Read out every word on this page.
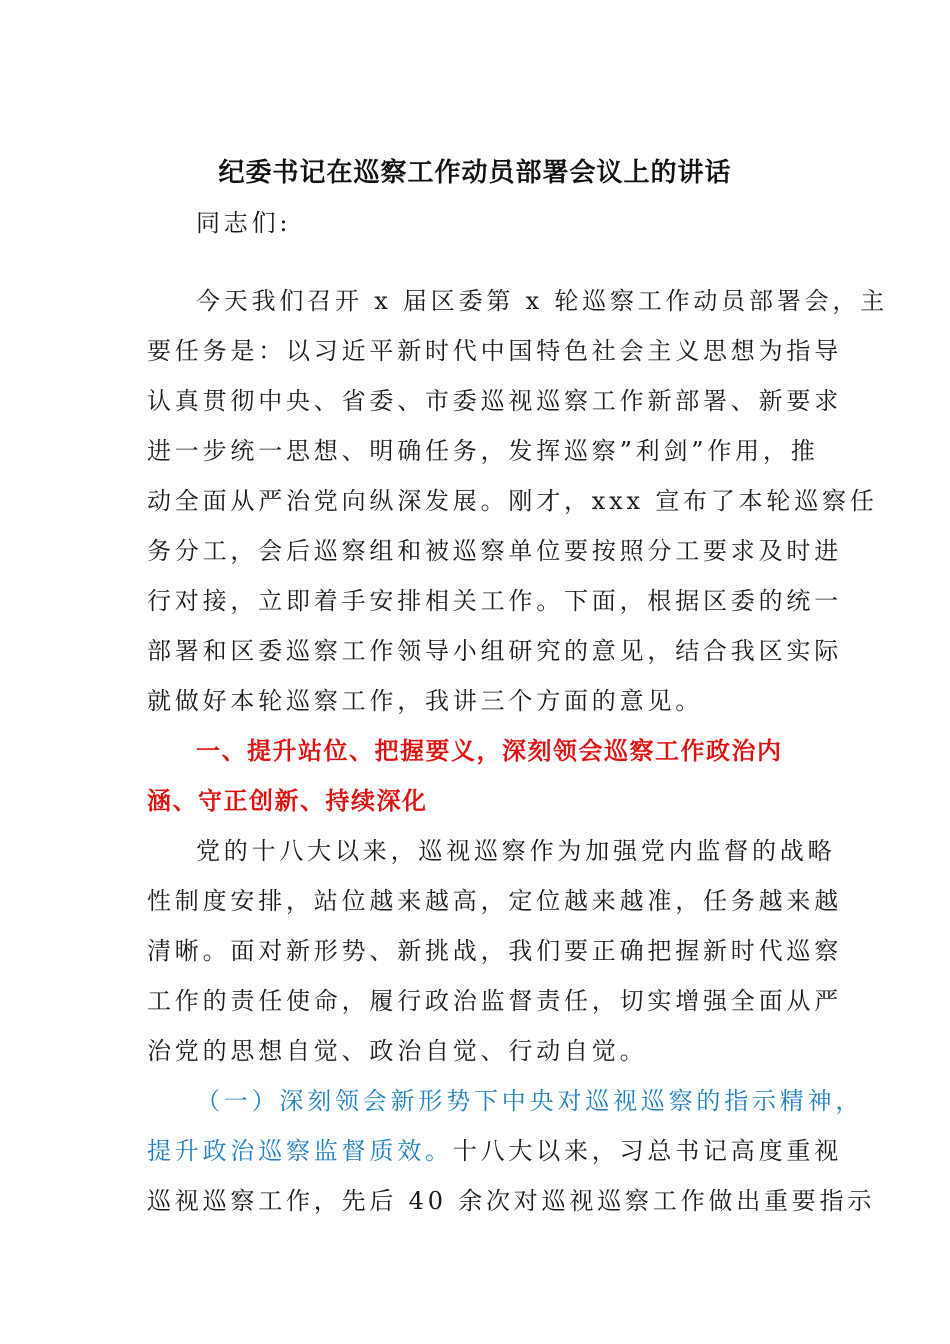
纪委书记在巡察工作动员部署会议上的讲话
同志们:
今天我们召开 x 届区委第 x 轮巡察工作动员部署会，主
要任务是：以习近平新时代中国特色社会主义思想为指导
认真贯彻中央、省委、市委巡视巡察工作新部署、新要求
进一步统一思想、明确任务，发挥巡察”利剑”作用，推
动全面从严治党向纵深发展。刚才，xxx 宣布了本轮巡察任
务分工，会后巡察组和被巡察单位要按照分工要求及时进
行对接，立即着手安排相关工作。下面，根据区委的统一
部署和区委巡察工作领导小组研究的意见，结合我区实际
就做好本轮巡察工作，我讲三个方面的意见。
一、提升站位、把握要义，深刻领会巡察工作政治内
涵、守正创新、持续深化
党的十八大以来，巡视巡察作为加强党内监督的战略
性制度安排，站位越来越高，定位越来越准，任务越来越
清晰。面对新形势、新挑战，我们要正确把握新时代巡察
工作的责任使命，履行政治监督责任，切实增强全面从严
治党的思想自觉、政治自觉、行动自觉。
（一）深刻领会新形势下中央对巡视巡察的指示精神，
提升政治巡察监督质效。十八大以来，习总书记高度重视
巡视巡察工作，先后 40 余次对巡视巡察工作做出重要指示
